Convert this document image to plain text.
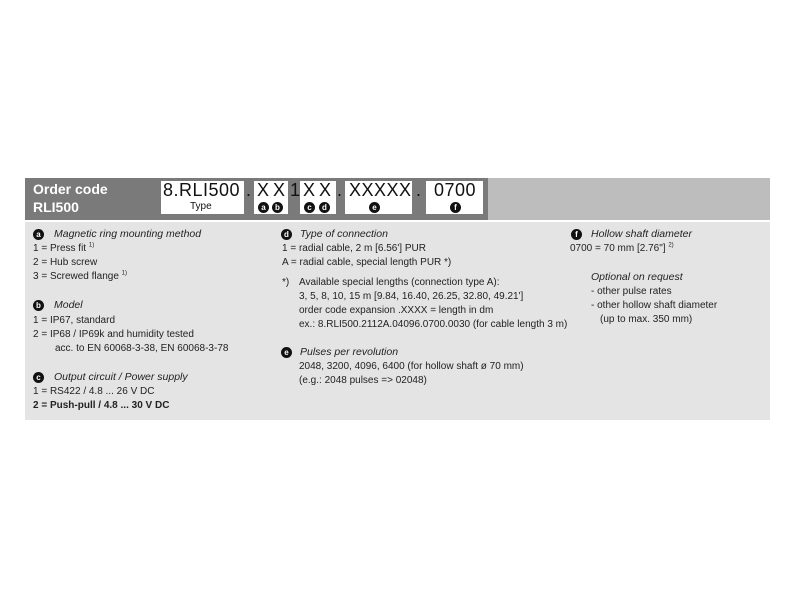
Order code
RLI500
8.RLI500
Type
. X X 1 X X . XXXXX . 0700
a	b	c	d	e	f
a	Magnetic ring mounting method
1 = Press fit $^{1)}$
2 = Hub screw
3 = Screwed flange $^{1)}$
b Model
1 = IP67, standard
2 = IP68 / IP69k and humidity tested
acc. to EN 60068-3-38, EN 60068-3-78
c	Output circuit / Power supply
1 = RS422 / 4.8 ... 26 V DC
2 = Push-pull / 4.8 ... 30 V DC
d Type of connection
1 = radial cable, 2 m [6.56'] PUR
A = radial cable, special length PUR *)
*) Available special lengths (connection type A):
3, 5, 8, 10, 15 m [9.84, 16.40, 26.25, 32.80, 49.21']
order code expansion .XXXX = length in dm
ex.: 8.RLI500.2112A.04096.0700.0030 (for cable length 3 m)
e	Pulses per revolution
2048, 3200, 4096, 6400 (for hollow shaft ø 70 mm)
(e.g.: 2048 pulses => 02048)
f	Hollow shaft diameter
0700 = 70 mm [2.76"] $^{2)}$
Optional on request
- other pulse rates
- other hollow shaft diameter
(up to max. 350 mm)
